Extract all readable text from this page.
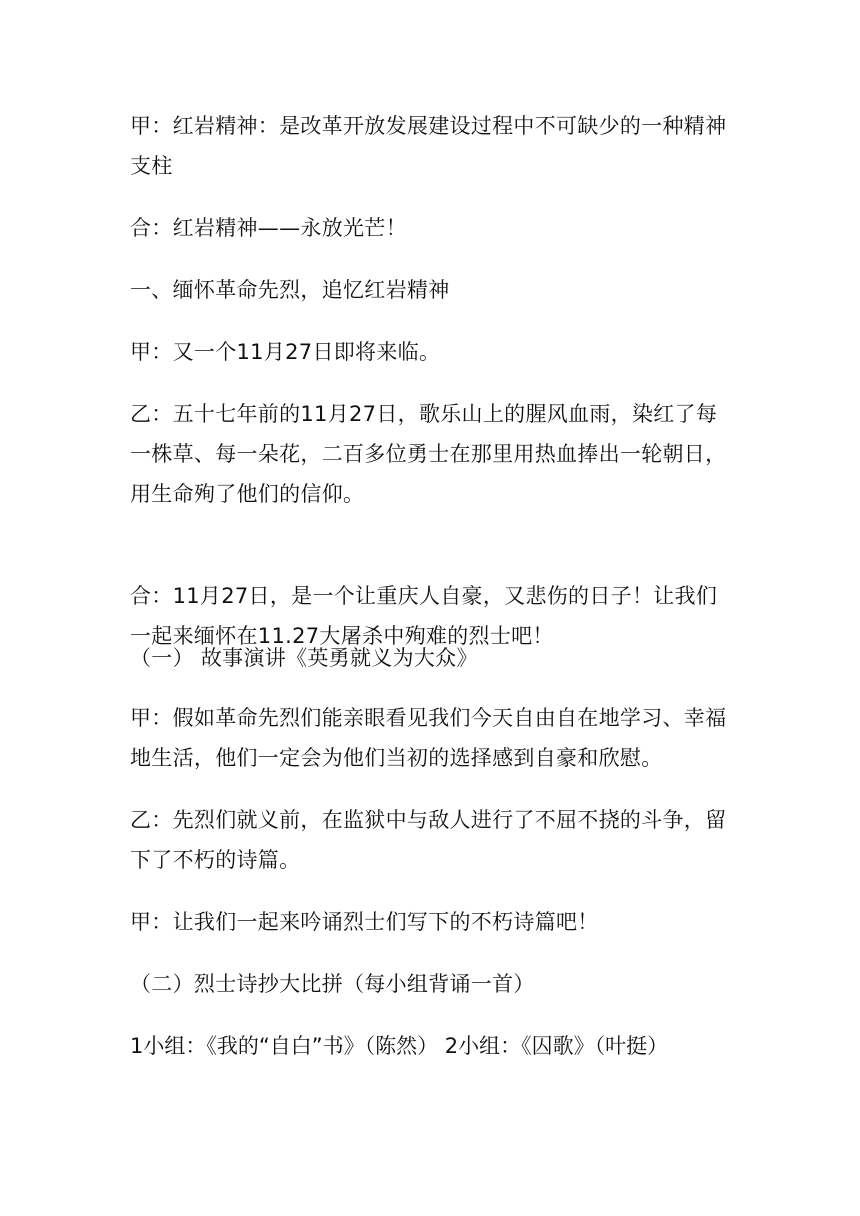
甲：红岩精神：是改革开放发展建设过程中不可缺少的一种精神支柱

合：红岩精神——永放光芒！

一、缅怀革命先烈，追忆红岩精神

甲：又一个11月27日即将来临。

乙：五十七年前的11月27日，歌乐山上的腥风血雨，染红了每一株草、每一朵花，二百多位勇士在那里用热血捧出一轮朝日，用生命殉了他们的信仰。

合：11月27日，是一个让重庆人自豪，又悲伤的日子！让我们一起来缅怀在11.27大屠杀中殉难的烈士吧！

（一） 故事演讲《英勇就义为大众》

甲：假如革命先烈们能亲眼看见我们今天自由自在地学习、幸福地生活，他们一定会为他们当初的选择感到自豪和欣慰。

乙：先烈们就义前，在监狱中与敌人进行了不屈不挠的斗争，留下了不朽的诗篇。

甲：让我们一起来吟诵烈士们写下的不朽诗篇吧！

（二）烈士诗抄大比拼（每小组背诵一首）

1小组：《我的“自白”书》（陈然） 2小组：《囚歌》（叶挺）
